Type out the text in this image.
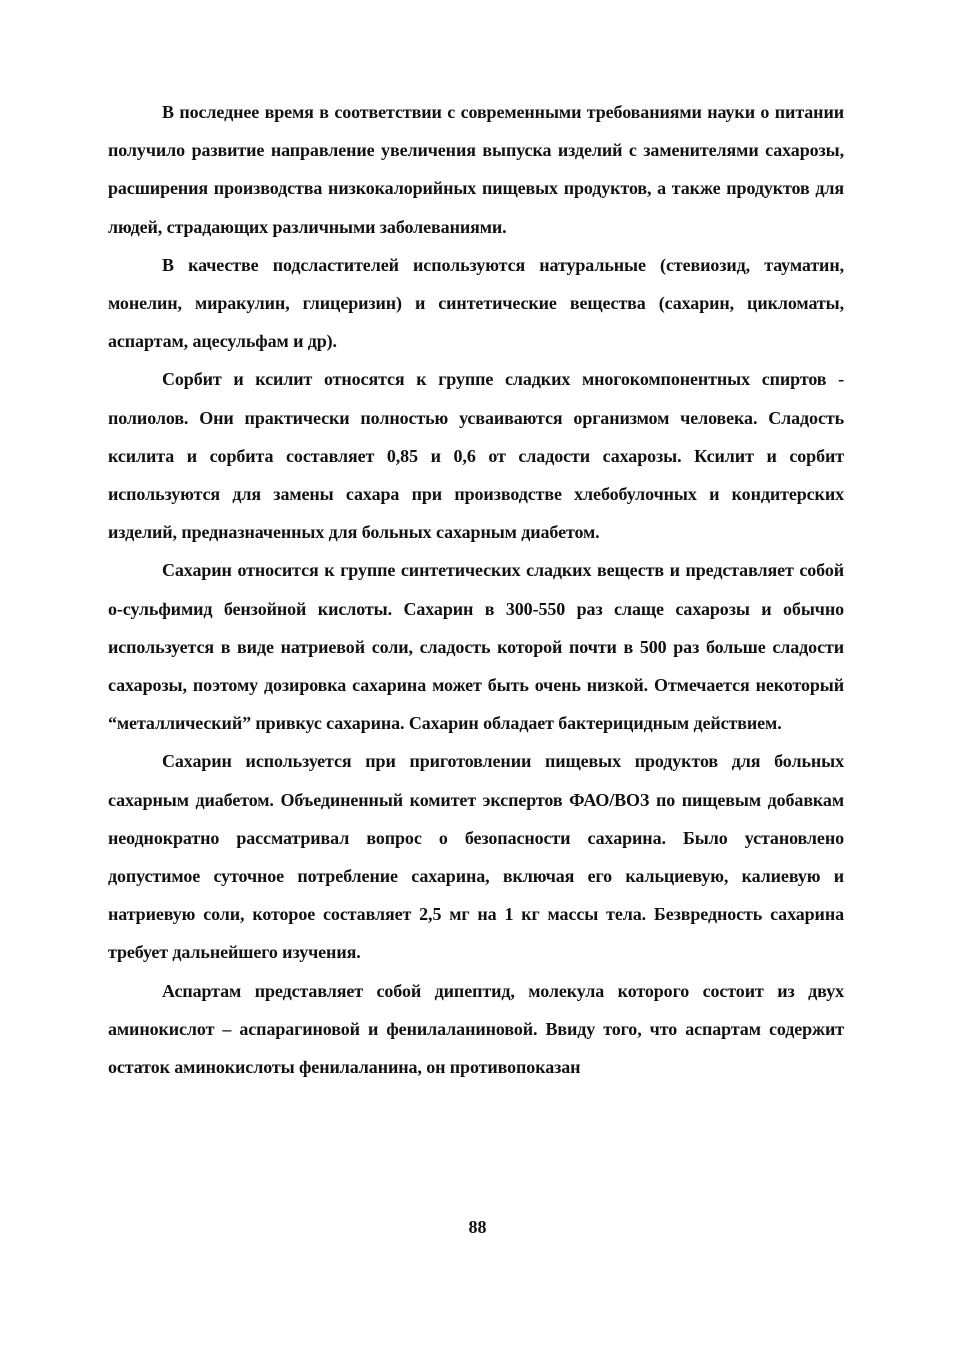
В последнее время в соответствии с современными требованиями науки о питании получило развитие направление увеличения выпуска изделий с заменителями сахарозы, расширения производства низкокалорийных пищевых продуктов, а также продуктов для людей, страдающих различными заболеваниями.

В качестве подсластителей используются натуральные (стевиозид, тауматин, монелин, миракулин, глицеризин) и синтетические вещества (сахарин, цикломаты, аспартам, ацесульфам и др).

Сорбит и ксилит относятся к группе сладких многокомпонентных спиртов - полиолов. Они практически полностью усваиваются организмом человека. Сладость ксилита и сорбита составляет 0,85 и 0,6 от сладости сахарозы. Ксилит и сорбит используются для замены сахара при производстве хлебобулочных и кондитерских изделий, предназначенных для больных сахарным диабетом.

Сахарин относится к группе синтетических сладких веществ и представляет собой о-сульфимид бензойной кислоты. Сахарин в 300-550 раз слаще сахарозы и обычно используется в виде натриевой соли, сладость которой почти в 500 раз больше сладости сахарозы, поэтому дозировка сахарина может быть очень низкой. Отмечается некоторый “металлический” привкус сахарина. Сахарин обладает бактерицидным действием.

Сахарин используется при приготовлении пищевых продуктов для больных сахарным диабетом. Объединенный комитет экспертов ФАО/ВОЗ по пищевым добавкам неоднократно рассматривал вопрос о безопасности сахарина. Было установлено допустимое суточное потребление сахарина, включая его кальциевую, калиевую и натриевую соли, которое составляет 2,5 мг на 1 кг массы тела. Безвредность сахарина требует дальнейшего изучения.

Аспартам представляет собой дипептид, молекула которого состоит из двух аминокислот – аспарагиновой и фенилаланиновой. Ввиду того, что аспартам содержит остаток аминокислоты фенилаланина, он противопоказан

88
